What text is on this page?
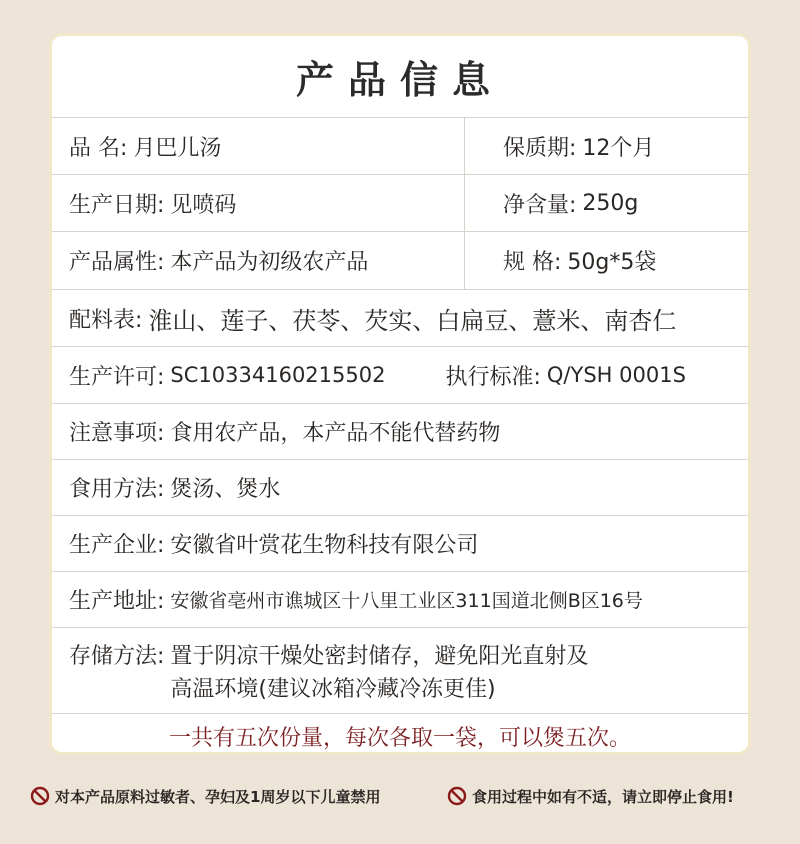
产品信息
品 名: 月巴儿汤
生产日期: 见喷码
产品属性: 本产品为初级农产品
保质期: 12个月
净含量: 250g
规 格: 50g*5袋
配料表: 淮山、莲子、茯苓、芡实、白扁豆、薏米、南杏仁
生产许可: SC10334160215502	执行标准: Q/YSH 0001S
注意事项: 食用农产品，本产品不能代替药物
食用方法: 煲汤、煲水
生产企业: 安徽省叶赏花生物科技有限公司
生产地址: 安徽省亳州市谯城区十八里工业区311国道北侧B区16号
存储方法: 置于阴凉干燥处密封储存，避免阳光直射及高温环境(建议冰箱冷藏冷冻更佳)
一共有五次份量，每次各取一袋，可以煲五次。
对本产品原料过敏者、孕妇及1周岁以下儿童禁用	食用过程中如有不适，请立即停止食用!
